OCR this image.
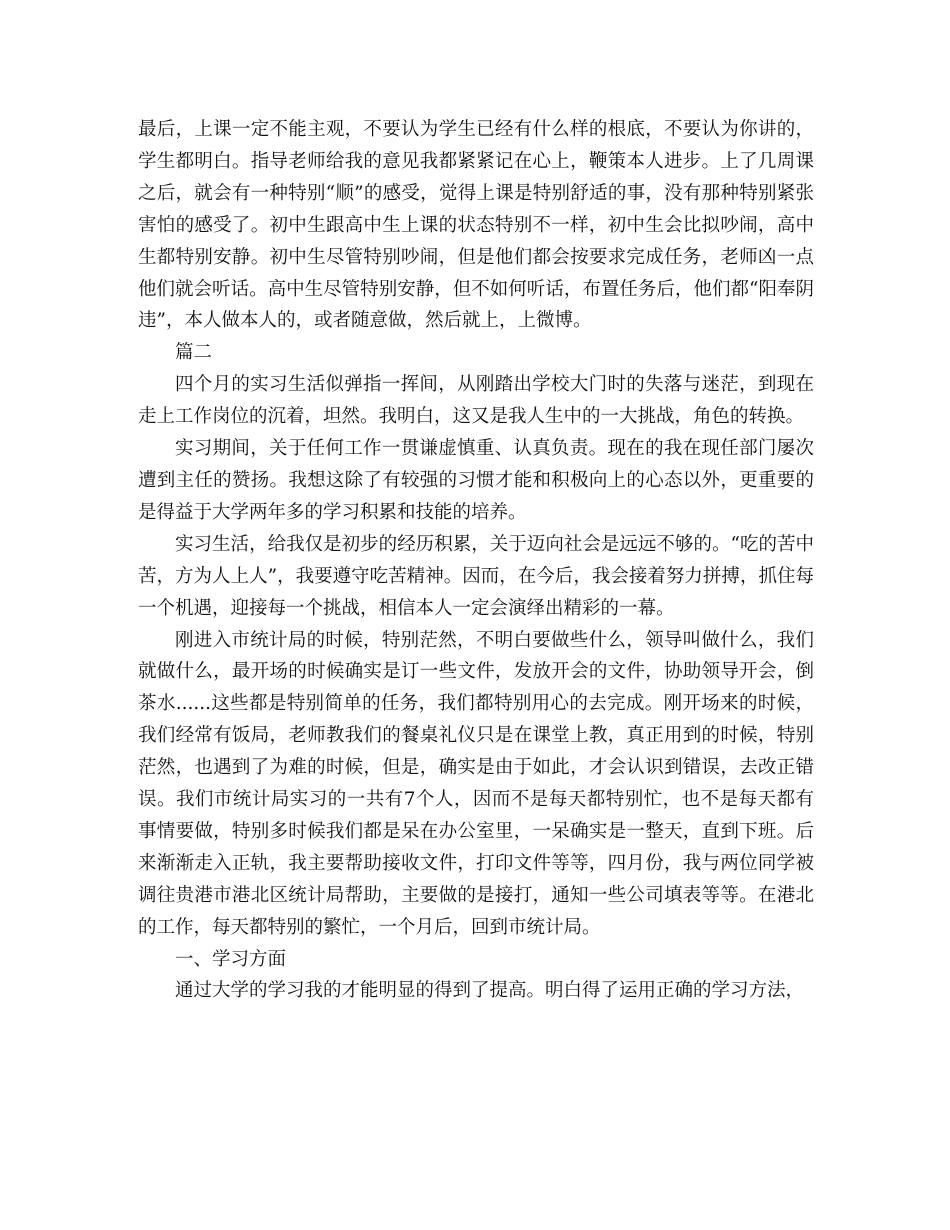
最后，上课一定不能主观，不要认为学生已经有什么样的根底，不要认为你讲的，学生都明白。指导老师给我的意见我都紧紧记在心上，鞭策本人进步。上了几周课之后，就会有一种特别“顺”的感受，觉得上课是特别舒适的事，没有那种特别紧张害怕的感受了。初中生跟高中生上课的状态特别不一样，初中生会比拟吵闹，高中生都特别安静。初中生尽管特别吵闹，但是他们都会按要求完成任务，老师凶一点他们就会听话。高中生尽管特别安静，但不如何听话，布置任务后，他们都“阳奉阴违”，本人做本人的，或者随意做，然后就上，上微博。

篇二

四个月的实习生活似弹指一挥间，从刚踏出学校大门时的失落与迷茫，到现在走上工作岗位的沉着，坦然。我明白，这又是我人生中的一大挑战，角色的转换。

实习期间，关于任何工作一贯谦虚慎重、认真负责。现在的我在现任部门屡次遭到主任的赞扬。我想这除了有较强的习惯才能和积极向上的心态以外，更重要的是得益于大学两年多的学习积累和技能的培养。

实习生活，给我仅是初步的经历积累，关于迈向社会是远远不够的。“吃的苦中苦，方为人上人”，我要遵守吃苦精神。因而，在今后，我会接着努力拼搏，抓住每一个机遇，迎接每一个挑战，相信本人一定会演绎出精彩的一幕。

刚进入市统计局的时候，特别茫然，不明白要做些什么，领导叫做什么，我们就做什么，最开场的时候确实是订一些文件，发放开会的文件，协助领导开会，倒茶水......这些都是特别简单的任务，我们都特别用心的去完成。刚开场来的时候，我们经常有饭局，老师教我们的餐桌礼仪只是在课堂上教，真正用到的时候，特别茫然，也遇到了为难的时候，但是，确实是由于如此，才会认识到错误，去改正错误。我们市统计局实习的一共有7个人，因而不是每天都特别忙，也不是每天都有事情要做，特别多时候我们都是呆在办公室里，一呆确实是一整天，直到下班。后来渐渐走入正轨，我主要帮助接收文件，打印文件等等，四月份，我与两位同学被调往贵港市港北区统计局帮助，主要做的是接打，通知一些公司填表等等。在港北的工作，每天都特别的繁忙，一个月后，回到市统计局。

一、学习方面

通过大学的学习我的才能明显的得到了提高。明白得了运用正确的学习方法，
